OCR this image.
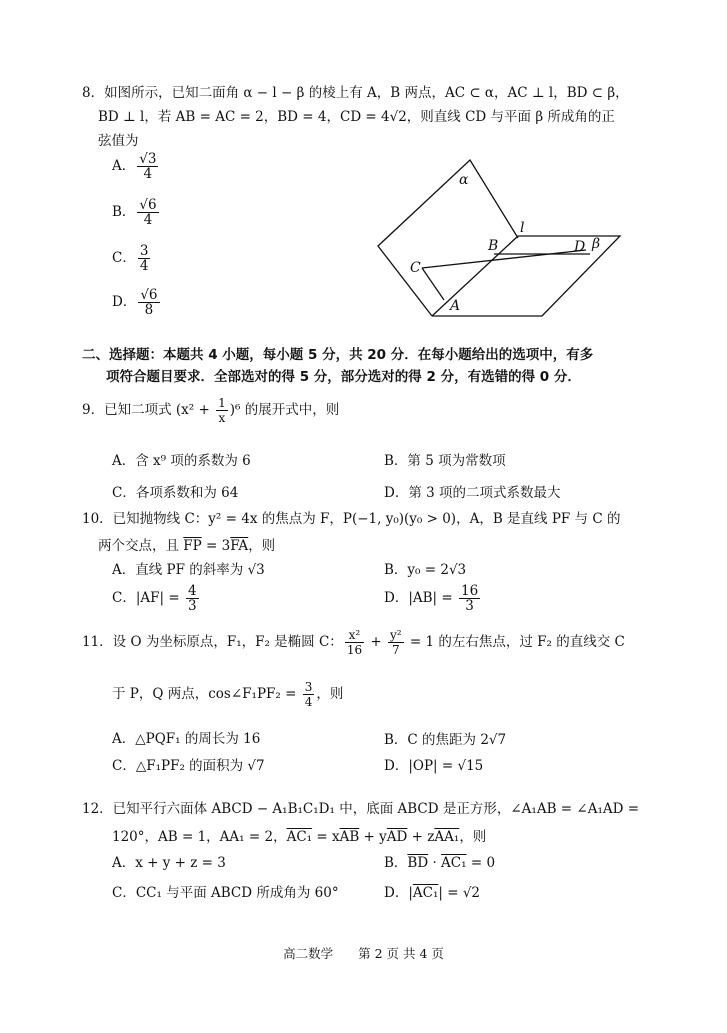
8．如图所示，已知二面角 α − l − β 的棱上有 A，B 两点，AC ⊂ α，AC ⊥ l，BD ⊂ β，
BD ⊥ l，若 AB = AC = 2，BD = 4，CD = 4√2，则直线 CD 与平面 β 所成角的正
弦值为
A． $\frac{√3}{4}$
B． $\frac{√6}{4}$
C． $\frac{3}{4}$
D． $\frac{√6}{8}$
α
l
B	D β
C
A
二、选择题：本题共 4 小题，每小题 5 分，共 20 分．在每小题给出的选项中，有多
项符合题目要求．全部选对的得 5 分，部分选对的得 2 分，有选错的得 0 分．
9．已知二项式 $(x^2 + \frac{1}{x} )^6$ 的展开式中，则
A．含 x⁹ 项的系数为 6	B．第 5 项为常数项
C．各项系数和为 64	D．第 3 项的二项式系数最大
10．已知抛物线 C：y² = 4x 的焦点为 F，P(−1, y₀)(y₀ > 0)，A，B 是直线 PF 与 C 的
两个交点，且 $\overline{FP} = 3\overline{FA}$，则
A．直线 PF 的斜率为 √3	B．y₀ = 2√3
C．$|AF| = \frac{4}{3}$	D．$|AB| = \frac{16}{3}$
11．设 O 为坐标原点，F₁，F₂ 是椭圆 C： $\frac{\text{x²}}{16} + \frac{\text{y²}}{7} = 1$ 的左右焦点，过 F₂ 的直线交 C
于 P，Q 两点，cos∠F₁PF₂ = $\frac{3}{4}$ ，则
A．△PQF₁ 的周长为 16	B．C 的焦距为 2√7
C．△F₁PF₂ 的面积为 √7	D．|OP| = √15
12．已知平行六面体 ABCD − A₁B₁C₁D₁ 中，底面 ABCD 是正方形，∠A₁AB = ∠A₁AD =
120°，AB = 1，AA₁ = 2，$AC_1 = x\overline{AB} + y\overline{AD} + zAA_1$，则
A．x + y + z = 3	B．$\overline{BD} \cdot AC_1 = 0$
C．CC₁ 与平面 ABCD 所成角为 60°	D．|AC₁| = √2
高二数学　　第 2 页 共 4 页
